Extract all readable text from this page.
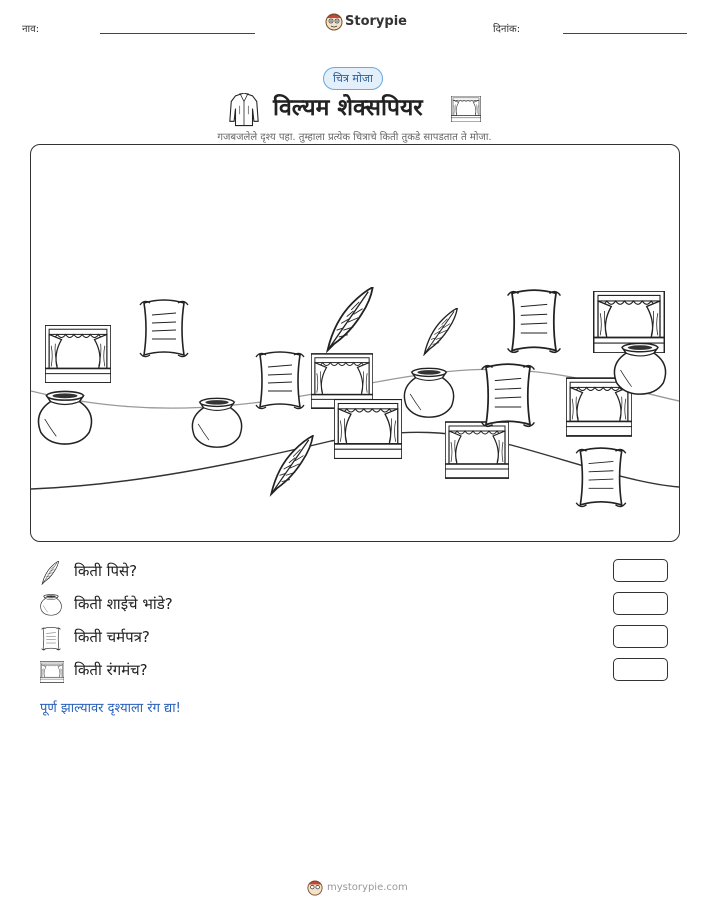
नाव:
Storypie
दिनांक:
चित्र मोजा
विल्यम शेक्सपियर
गजबजलेले दृश्य पहा. तुम्हाला प्रत्येक चित्राचे किती तुकडे सापडतात ते मोजा.
किती पिसे?
किती शाईचे भांडे?
किती चर्मपत्र?
किती रंगमंच?
पूर्ण झाल्यावर दृश्याला रंग द्या!
mystorypie.com
